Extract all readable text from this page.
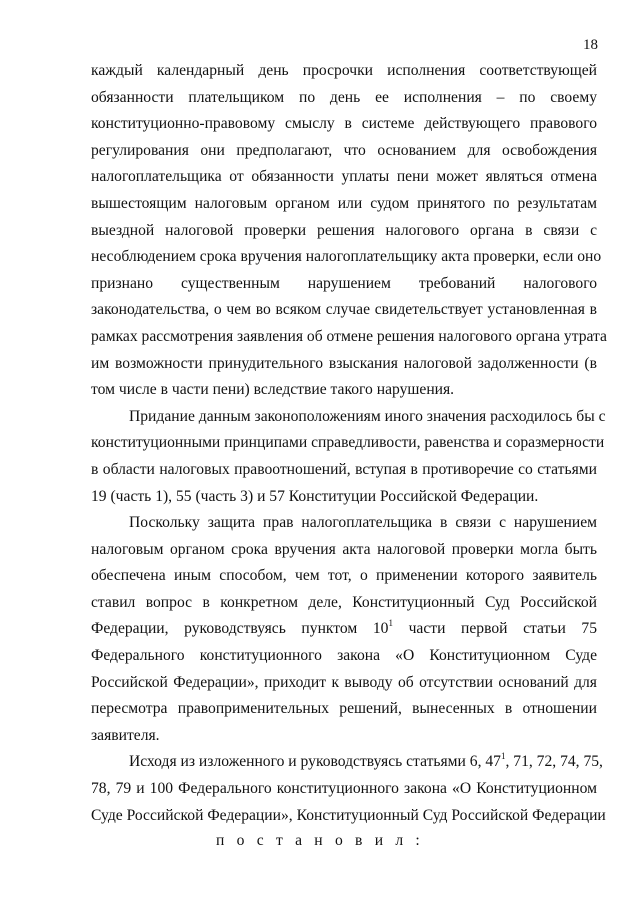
18
каждый календарный день просрочки исполнения соответствующей
обязанности плательщиком по день ее исполнения – по своему
конституционно-правовому смыслу в системе действующего правового
регулирования они предполагают, что основанием для освобождения
налогоплательщика от обязанности уплаты пени может являться отмена
вышестоящим налоговым органом или судом принятого по результатам
выездной налоговой проверки решения налогового органа в связи с
несоблюдением срока вручения налогоплательщику акта проверки, если оно
признано существенным нарушением требований налогового
законодательства, о чем во всяком случае свидетельствует установленная в
рамках рассмотрения заявления об отмене решения налогового органа утрата
им возможности принудительного взыскания налоговой задолженности (в
том числе в части пени) вследствие такого нарушения.
Придание данным законоположениям иного значения расходилось бы с
конституционными принципами справедливости, равенства и соразмерности
в области налоговых правоотношений, вступая в противоречие со статьями
19 (часть 1), 55 (часть 3) и 57 Конституции Российской Федерации.
Поскольку защита прав налогоплательщика в связи с нарушением
налоговым органом срока вручения акта налоговой проверки могла быть
обеспечена иным способом, чем тот, о применении которого заявитель
ставил вопрос в конкретном деле, Конституционный Суд Российской
Федерации, руководствуясь пунктом $10^1$ части первой статьи 75
Федерального конституционного закона «О Конституционном Суде
Российской Федерации», приходит к выводу об отсутствии оснований для
пересмотра правоприменительных решений, вынесенных в отношении
заявителя.
Исходя из изложенного и руководствуясь статьями 6, $47^1$, 71, 72, 74, 75,
78, 79 и 100 Федерального конституционного закона «О Конституционном
Суде Российской Федерации», Конституционный Суд Российской Федерации
п о с т а н о в и л :
